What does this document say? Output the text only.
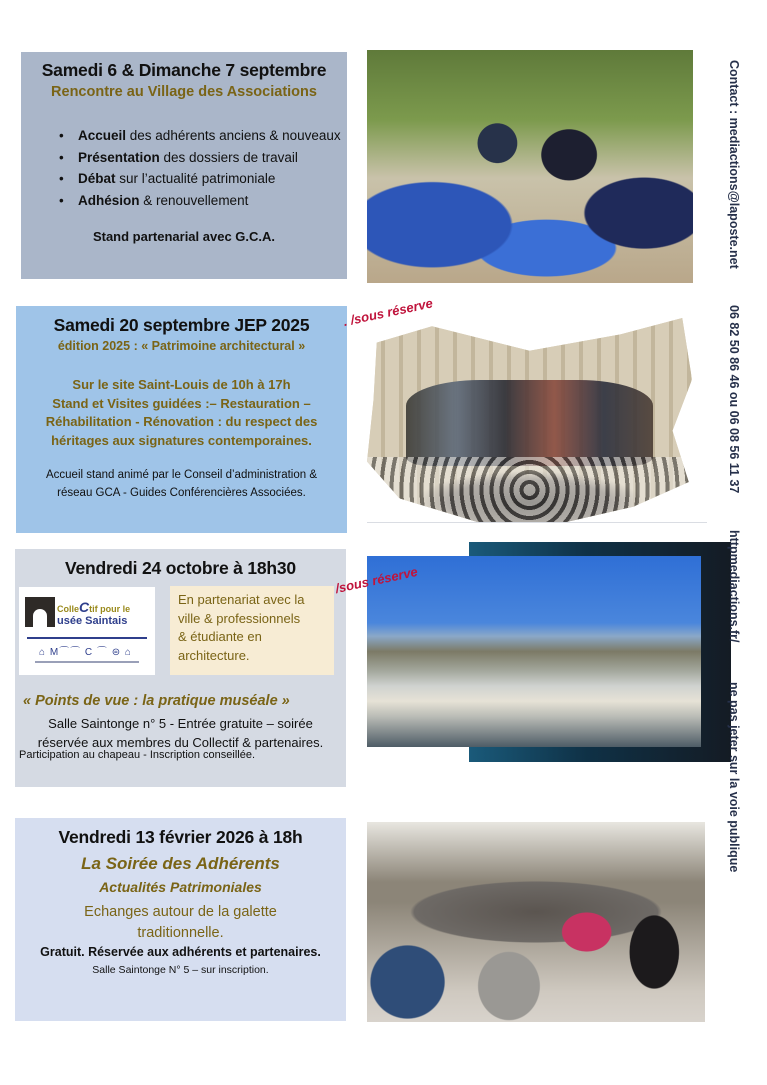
Samedi 6 & Dimanche 7 septembre
Rencontre au Village des Associations
• Accueil des adhérents anciens & nouveaux
• Présentation des dossiers de travail
• Débat sur l’actualité patrimoniale
• Adhésion & renouvellement
Stand partenarial avec G.C.A.
Samedi 20 septembre JEP 2025
édition 2025 : « Patrimoine architectural »
Sur le site Saint-Louis de 10h à 17h
Stand et Visites guidées :– Restauration –
Réhabilitation - Rénovation : du respect des
héritages aux signatures contemporaines.
Accueil stand animé par le Conseil d’administration &
réseau GCA - Guides Conférencières Associées.
. /sous réserve
Vendredi 24 octobre à 18h30
ColleCtif pour le
usée Saintais
⌂ M⌒⌒ C ⌒ ⊜ ⌂
En partenariat avec la
ville & professionnels
& étudiante en
architecture.
« Points de vue : la pratique muséale »
Salle Saintonge n° 5 - Entrée gratuite – soirée
réservée aux membres du Collectif & partenaires.
Participation au chapeau - Inscription conseillée.
/sous réserve
Vendredi 13 février 2026 à 18h
La Soirée des Adhérents
Actualités Patrimoniales
Echanges autour de la galette
traditionnelle.
Gratuit. Réservée aux adhérents et partenaires.
Salle Saintonge N° 5 – sur inscription.
Contact : mediactions@laposte.net
06 82 50 86 46 ou 06 08 56 11 37
httpmediactions.fr/
ne pas jeter sur la voie publique
